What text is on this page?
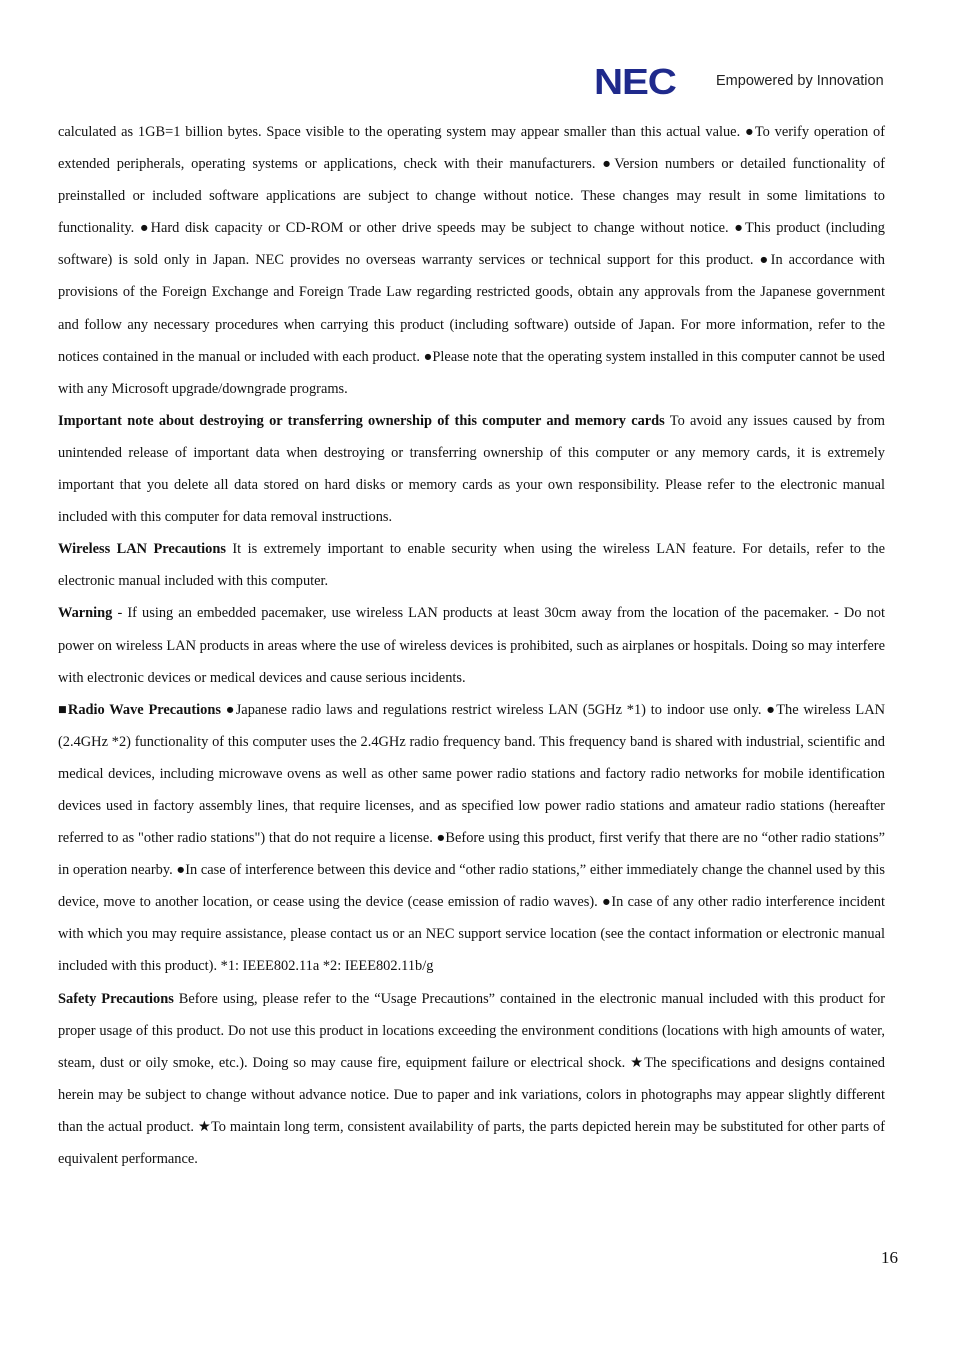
NEC	Empowered by Innovation

calculated as 1GB=1 billion bytes. Space visible to the operating system may appear smaller than this actual value. ●To verify operation of extended peripherals, operating systems or applications, check with their manufacturers. ●Version numbers or detailed functionality of preinstalled or included software applications are subject to change without notice. These changes may result in some limitations to functionality. ●Hard disk capacity or CD-ROM or other drive speeds may be subject to change without notice. ●This product (including software) is sold only in Japan. NEC provides no overseas warranty services or technical support for this product. ●In accordance with provisions of the Foreign Exchange and Foreign Trade Law regarding restricted goods, obtain any approvals from the Japanese government and follow any necessary procedures when carrying this product (including software) outside of Japan. For more information, refer to the notices contained in the manual or included with each product. ●Please note that the operating system installed in this computer cannot be used with any Microsoft upgrade/downgrade programs.

Important note about destroying or transferring ownership of this computer and memory cards To avoid any issues caused by from unintended release of important data when destroying or transferring ownership of this computer or any memory cards, it is extremely important that you delete all data stored on hard disks or memory cards as your own responsibility. Please refer to the electronic manual included with this computer for data removal instructions.

Wireless LAN Precautions It is extremely important to enable security when using the wireless LAN feature. For details, refer to the electronic manual included with this computer.

Warning - If using an embedded pacemaker, use wireless LAN products at least 30cm away from the location of the pacemaker. - Do not power on wireless LAN products in areas where the use of wireless devices is prohibited, such as airplanes or hospitals. Doing so may interfere with electronic devices or medical devices and cause serious incidents.

■Radio Wave Precautions ●Japanese radio laws and regulations restrict wireless LAN (5GHz *1) to indoor use only. ●The wireless LAN (2.4GHz *2) functionality of this computer uses the 2.4GHz radio frequency band. This frequency band is shared with industrial, scientific and medical devices, including microwave ovens as well as other same power radio stations and factory radio networks for mobile identification devices used in factory assembly lines, that require licenses, and as specified low power radio stations and amateur radio stations (hereafter referred to as "other radio stations") that do not require a license. ●Before using this product, first verify that there are no “other radio stations” in operation nearby. ●In case of interference between this device and “other radio stations,” either immediately change the channel used by this device, move to another location, or cease using the device (cease emission of radio waves). ●In case of any other radio interference incident with which you may require assistance, please contact us or an NEC support service location (see the contact information or electronic manual included with this product). *1: IEEE802.11a *2: IEEE802.11b/g

Safety Precautions Before using, please refer to the “Usage Precautions” contained in the electronic manual included with this product for proper usage of this product. Do not use this product in locations exceeding the environment conditions (locations with high amounts of water, steam, dust or oily smoke, etc.). Doing so may cause fire, equipment failure or electrical shock. ★The specifications and designs contained herein may be subject to change without advance notice. Due to paper and ink variations, colors in photographs may appear slightly different than the actual product. ★To maintain long term, consistent availability of parts, the parts depicted herein may be substituted for other parts of equivalent performance.

16
